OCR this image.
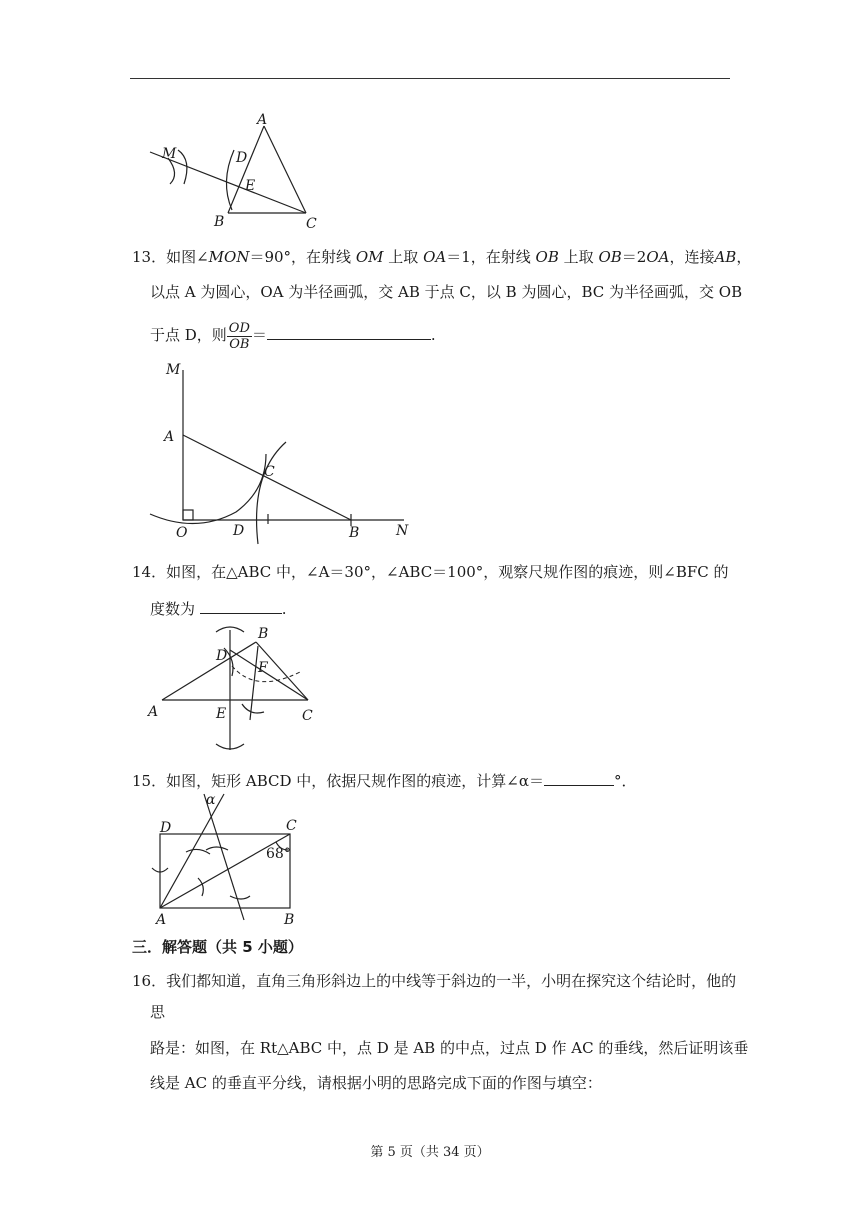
A
M	D
E
B	C
13．如图∠MON＝90°，在射线 OM 上取 OA＝1，在射线 OB 上取 OB＝2OA，连接AB，
以点 A 为圆心，OA 为半径画弧，交 AB 于点 C，以 B 为圆心，BC 为半径画弧，交 OB
于点 D，则 $\frac{OD}{OB}$ ＝	.
M
A
C
O	D	B	N
14．如图，在△ABC 中，∠A＝30°，∠ABC＝100°，观察尺规作图的痕迹，则∠BFC 的
度数为	.
B
D
F
A	E	C
15．如图，矩形 ABCD 中，依据尺规作图的痕迹，计算∠α＝	°．
α
D	C
68°
A	B
三．解答题（共 5 小题）
16．我们都知道，直角三角形斜边上的中线等于斜边的一半，小明在探究这个结论时，他的
思
路是：如图，在 Rt△ABC 中，点 D 是 AB 的中点，过点 D 作 AC 的垂线，然后证明该垂
线是 AC 的垂直平分线，请根据小明的思路完成下面的作图与填空：
第 5 页（共 34 页）
